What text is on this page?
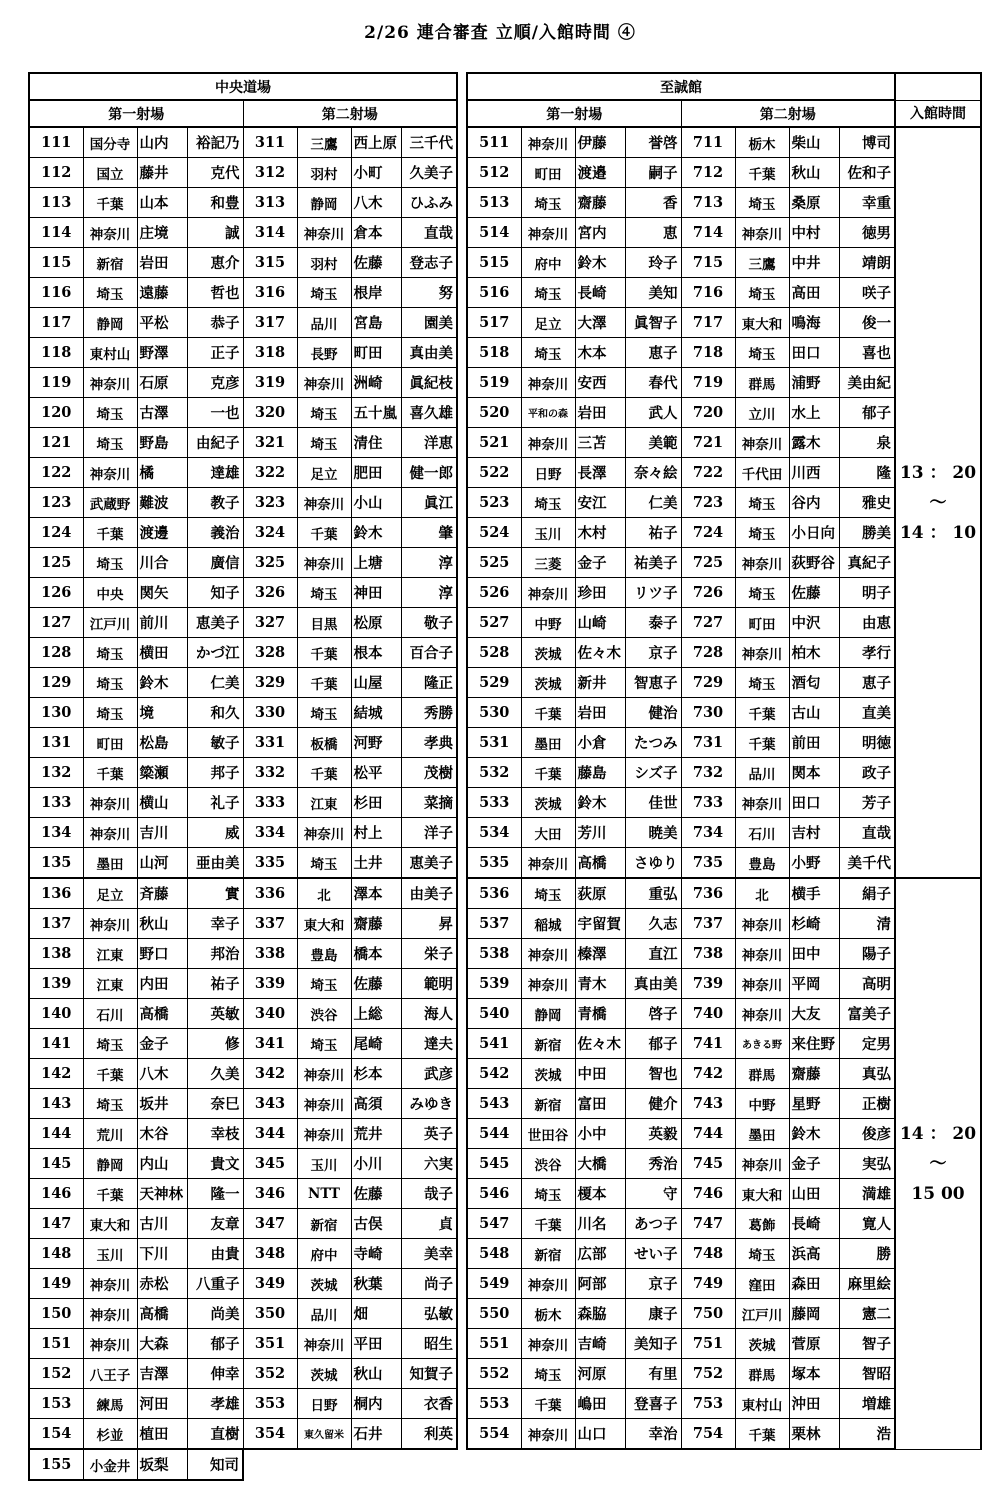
2/26 連合審査 立順/入館時間 ④
中央道場									至誠館								
第一射場				第二射場					第一射場				第二射場				入館時間
111	国分寺	山内	裕記乃	311	三鷹	西上原	三千代		511	神奈川	伊藤	誉啓	711	栃木	柴山	博司	13 ： 20
〜
14 ： 10

112	国立	藤井	克代	312	羽村	小町	久美子		512	町田	渡邉	嗣子	712	千葉	秋山	佐和子	
113	千葉	山本	和豊	313	静岡	八木	ひふみ		513	埼玉	齋藤	香	713	埼玉	桑原	幸重	
114	神奈川	庄境	誠	314	神奈川	倉本	直哉		514	神奈川	宮内	恵	714	神奈川	中村	徳男	
115	新宿	岩田	恵介	315	羽村	佐藤	登志子		515	府中	鈴木	玲子	715	三鷹	中井	靖朗	
116	埼玉	遠藤	哲也	316	埼玉	根岸	努		516	埼玉	長崎	美知	716	埼玉	高田	咲子	
117	静岡	平松	恭子	317	品川	宮島	園美		517	足立	大澤	眞智子	717	東大和	鳴海	俊一	
118	東村山	野澤	正子	318	長野	町田	真由美		518	埼玉	木本	恵子	718	埼玉	田口	喜也	
119	神奈川	石原	克彦	319	神奈川	洲崎	眞紀枝		519	神奈川	安西	春代	719	群馬	浦野	美由紀	
120	埼玉	古澤	一也	320	埼玉	五十嵐	喜久雄		520	平和の森	岩田	武人	720	立川	水上	郁子	
121	埼玉	野島	由紀子	321	埼玉	清住	洋恵		521	神奈川	三苫	美範	721	神奈川	露木	泉	
122	神奈川	橘	達雄	322	足立	肥田	健一郎		522	日野	長澤	奈々絵	722	千代田	川西	隆	
123	武蔵野	難波	教子	323	神奈川	小山	眞江		523	埼玉	安江	仁美	723	埼玉	谷内	雅史	
124	千葉	渡邊	義治	324	千葉	鈴木	肇		524	玉川	木村	祐子	724	埼玉	小日向	勝美	
125	埼玉	川合	廣信	325	神奈川	上塘	淳		525	三菱	金子	祐美子	725	神奈川	荻野谷	真紀子	
126	中央	関矢	知子	326	埼玉	神田	淳		526	神奈川	珍田	リツ子	726	埼玉	佐藤	明子	
127	江戸川	前川	恵美子	327	目黒	松原	敬子		527	中野	山崎	泰子	727	町田	中沢	由恵	
128	埼玉	横田	かづ江	328	千葉	根本	百合子		528	茨城	佐々木	京子	728	神奈川	柏木	孝行	
129	埼玉	鈴木	仁美	329	千葉	山屋	隆正		529	茨城	新井	智恵子	729	埼玉	酒匂	恵子	
130	埼玉	境	和久	330	埼玉	結城	秀勝		530	千葉	岩田	健治	730	千葉	古山	直美	
131	町田	松島	敏子	331	板橋	河野	孝典		531	墨田	小倉	たつみ	731	千葉	前田	明徳	
132	千葉	簗瀬	邦子	332	千葉	松平	茂樹		532	千葉	藤島	シズ子	732	品川	関本	政子	
133	神奈川	横山	礼子	333	江東	杉田	菜摘		533	茨城	鈴木	佳世	733	神奈川	田口	芳子	
134	神奈川	吉川	威	334	神奈川	村上	洋子		534	大田	芳川	暁美	734	石川	吉村	直哉	
135	墨田	山河	亜由美	335	埼玉	土井	恵美子		535	神奈川	高橋	さゆり	735	豊島	小野	美千代	
136	足立	斉藤	實	336	北	澤本	由美子		536	埼玉	荻原	重弘	736	北	横手	絹子	14 ： 20
〜
15 00

137	神奈川	秋山	幸子	337	東大和	齋藤	昇		537	稲城	宇留賀	久志	737	神奈川	杉崎	清	
138	江東	野口	邦治	338	豊島	橋本	栄子		538	神奈川	榛澤	直江	738	神奈川	田中	陽子	
139	江東	内田	祐子	339	埼玉	佐藤	範明		539	神奈川	青木	真由美	739	神奈川	平岡	高明	
140	石川	高橋	英敏	340	渋谷	上総	海人		540	静岡	青橋	啓子	740	神奈川	大友	富美子	
141	埼玉	金子	修	341	埼玉	尾崎	達夫		541	新宿	佐々木	郁子	741	あきる野	来住野	定男	
142	千葉	八木	久美	342	神奈川	杉本	武彦		542	茨城	中田	智也	742	群馬	齋藤	真弘	
143	埼玉	坂井	奈巳	343	神奈川	高須	みゆき		543	新宿	富田	健介	743	中野	星野	正樹	
144	荒川	木谷	幸枝	344	神奈川	荒井	英子		544	世田谷	小中	英毅	744	墨田	鈴木	俊彦	
145	静岡	内山	貴文	345	玉川	小川	六実		545	渋谷	大橋	秀治	745	神奈川	金子	実弘	
146	千葉	天神林	隆一	346	NTT	佐藤	哉子		546	埼玉	榎本	守	746	東大和	山田	満雄	
147	東大和	古川	友章	347	新宿	古俣	貞		547	千葉	川名	あつ子	747	葛飾	長崎	寛人	
148	玉川	下川	由貴	348	府中	寺崎	美幸		548	新宿	広部	せい子	748	埼玉	浜高	勝	
149	神奈川	赤松	八重子	349	茨城	秋葉	尚子		549	神奈川	阿部	京子	749	窪田	森田	麻里絵	
150	神奈川	高橋	尚美	350	品川	畑	弘敏		550	栃木	森脇	康子	750	江戸川	藤岡	憲二	
151	神奈川	大森	郁子	351	神奈川	平田	昭生		551	神奈川	吉崎	美知子	751	茨城	菅原	智子	
152	八王子	吉澤	伸幸	352	茨城	秋山	知賀子		552	埼玉	河原	有里	752	群馬	塚本	智昭	
153	練馬	河田	孝雄	353	日野	桐内	衣香		553	千葉	嶋田	登喜子	753	東村山	沖田	増雄	
154	杉並	植田	直樹	354	東久留米	石井	利英		554	神奈川	山口	幸治	754	千葉	栗林	浩	
155	小金井	坂梨	知司														
